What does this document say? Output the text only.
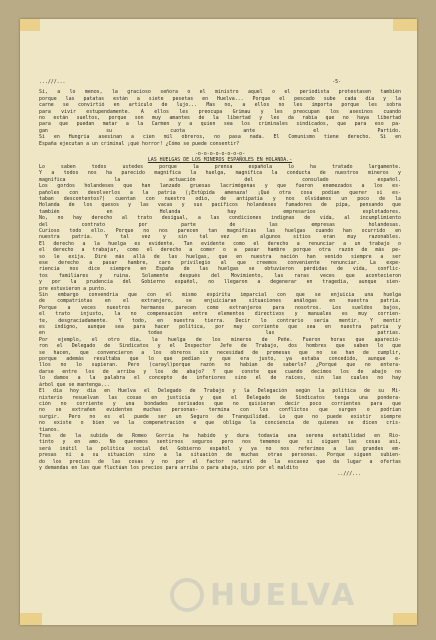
...///...	-5-
Si, a lo menos, la gracioso señora o el ministro aquel o el periodista protestasen también
porque las patatas están a siete pesetas en Huelva... Porque el pescado sube cada día y la
carne se convirtió en artículo de lujo... Mas no, a ellos no les importa porque les sobra
para vivir estupendamente. A ellos les preocupa Grimau y les preocupan los asesinos cuando
no están sueltos, porque son muy amantes de la libertad y les da rabia que no haya libertad
para que puedan matar a la Carmen y a quien sea los criminales sindicados, que para eso pa-
gan su cuota ante el Partido.
Si en Hungría asesinan a cien mil obreros, no pasa nada. El Comunismo tiene derecho. Si en
España ejecutan a un criminal ¡qué horror! ¿Cómo se puede consentir?
-o-o-o-o-o-o-o-o-
LAS HUELGAS DE LOS MINEROS ESPAÑOLES EN HOLANDA.-
Lo saben todos ustedes porque la prensa española lo ha tratado largamente.
Y a todos nos ha parecido magnífica la huelga, magnífica la conducta de nuestros mineros y
magnífica la actuación del consulado español.
Los gordos holandeses que han lanzado gruesas lacrimógenas y que fueron enemezados a los es-
pañoles con devolverlos a la patria (¡Estúpida amenaza! ¡Qué otra cosa podían querer si es-
taban descontentos?) cuentan con nuestro odio, de antipatía y nos olvidamos un poco de la
Holanda de los quesos y las vacas y sus pacíficos holandeses fumadores de pipa, pensando que
también en Holanda hay empresarios explotadores.
No, no hay derecho al trato desigual, a las condiciones indignas de vida, al incumplimiento
del contrato por parte de las empresas holandesas.
Curioso todo ello. Porque no nos parecen tan magníficas las huelgas cuando han ocurrido en
nuestra patria. Y tal vez y sin tal vez en algunos sitios eran muy razonables.
El derecho a la huelga es evidente. Tan evidente como el derecho a renunciar a un trabajo o
el derecho a trabajar, como el derecho a comer o a pasar hambre porque otra razón de más pe-
so le exija. Diré más allá de las huelgas, que en nuestra nación han venido siempre a ser
ese derecho a pasar hambre, caro privilegio al que creemos conveniente renunciar. La expe-
riencia nos dice siempre en España de las huelgas se obtuvieron pérdidas de vida, conflic-
tos familiares y ruina. Solamente después del Movimiento, las raras veces que acontecieron
y por la prudencia del Gobierno español, no llegaron a degenerar en tragedia, aunque sien-
pre estuvieron a punto.
Sin embargo convendría que con el mismo espíritu imparcial con que se enjuicia una huelga
de compatriotas en el extranjero, se enjuiciaran situaciones análogas en nuestra patria.
Porque a veces nuestros hermanos parecen como extranjeros para nosotros. Los sueldos bajos,
el trato injusto, la no compensación entre elementos directivos y manuales es muy corrien-
te, desgraciadamente. Y todo, en nuestra tierra. Decir lo contrario sería mentir. Y mentir
es indigno, aunque sea para hacer política, por muy corriente que sea en nuestra patria y
en todas las patrias.
Por ejemplo, el otro día, la huelga de los mineros de Peñe. Fueron horas que apareció-
ron el Delegado de Sindicatos y el Inspector Jefe de Trabajo, dos hombres que saben lo que
se hacen, que convencieron a los obreros sin necesidad de promesas que no se han de cumplir,
porque además resultaba que lo que pedían y que era justo, ya estaba concedido, aunque e-
llos no lo supieran. Pero (carayl)porque razón no habían de saberlo? ¿Porqué que no entera-
darse entre los de arriba y los de abajo? Y que conste que cuando decimos los de abajo no
lo damos a la palabra el concepto de inferiores sino el de raíces, sin las cuales no hay
árbol que se mantenga...
El día hoy día en Huelva el Delegado de Trabajo y la Delegación según la política de su Mi-
nisterio resuelvan las cosas en justicia y que el Delegado de Sindicatos tenga una pondera-
ción no corriente y una bondades sorisados que no quisieran decir poco corrientes para que
no se extrañen evidentes muchas personas- termina con los conflictos que surgen o podrían
surgir. Pero no es el puede ser un Seguro de Tranquilidad. Lo que no puede existir siempre
no existe o bien ve la compenetración e que obliga la conciencia de quienes se dicen cris-
tianos.
Tras de la subida de Romeo Gorría ha habido y dura todavía una serena estabilidad en Rio-
tinto y en amo. No queremos sentirnos seguros pero nos tememos que si siguen las cosas así,
será inútil la política social del Gobierno español y ya no nos referimos a las grandes em-
presas ni a su situación sino a la situación de muchas otras personas. Porque siguen subien-
do los precios de las cosas y no por el factor natural de la escasez que da lugar a ofertas
y demandas en las que fluctúan los precios para arriba o para abajo, sino por el maldito
..///...
HUELVA
